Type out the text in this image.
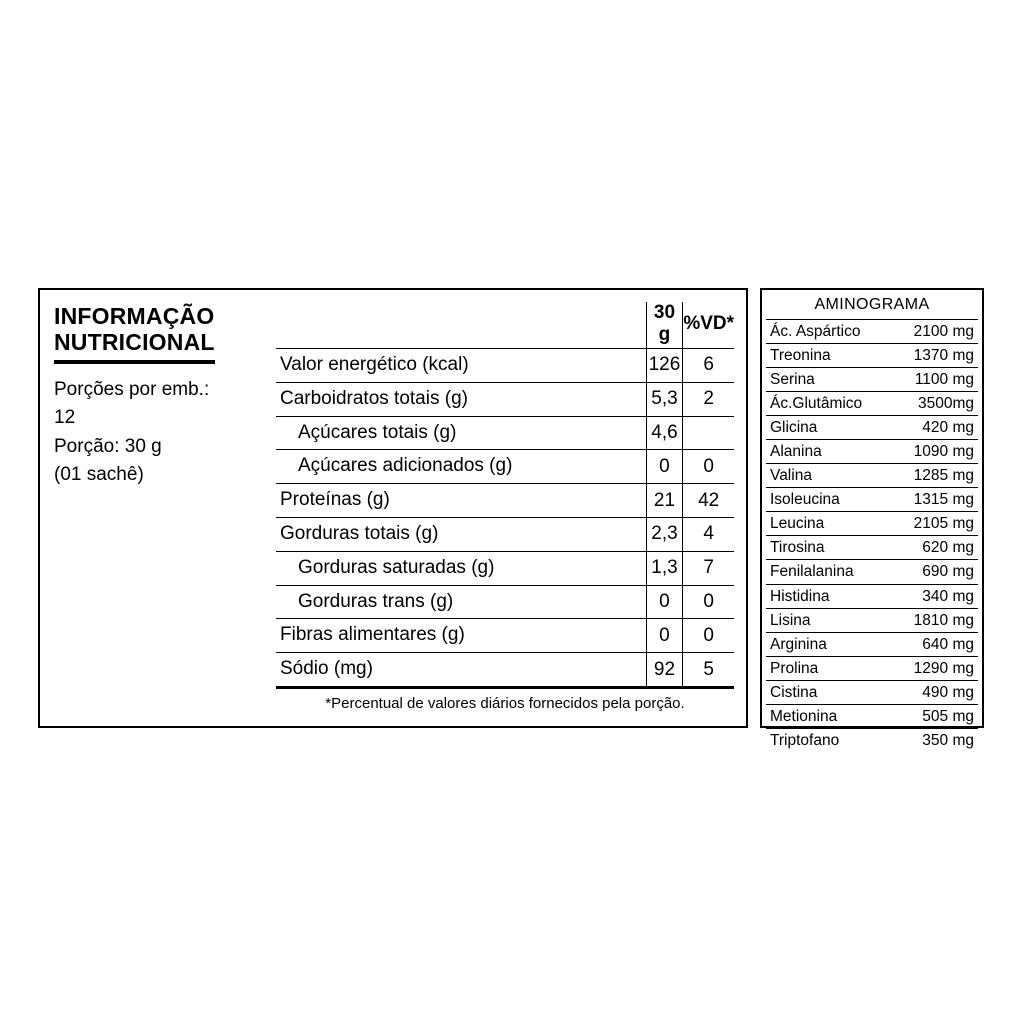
INFORMAÇÃO
NUTRICIONAL
Porções por emb.:
12
Porção: 30 g
(01 sachê)
	30 g	%VD*
Valor energético (kcal)	126	6
Carboidratos totais (g)	5,3	2
Açúcares totais (g)	4,6	
Açúcares adicionados (g)	0	0
Proteínas (g)	21	42
Gorduras totais (g)	2,3	4
Gorduras saturadas (g)	1,3	7
Gorduras trans (g)	0	0
Fibras alimentares (g)	0	0
Sódio (mg)	92	5
*Percentual de valores diários fornecidos pela porção.
AMINOGRAMA
Ác. Aspártico	2100 mg
Treonina	1370 mg
Serina	1100 mg
Ác.Glutâmico	3500mg
Glicina	420 mg
Alanina	1090 mg
Valina	1285 mg
Isoleucina	1315 mg
Leucina	2105 mg
Tirosina	620 mg
Fenilalanina	690 mg
Histidina	340 mg
Lisina	1810 mg
Arginina	640 mg
Prolina	1290 mg
Cistina	490 mg
Metionina	505 mg
Triptofano	350 mg
